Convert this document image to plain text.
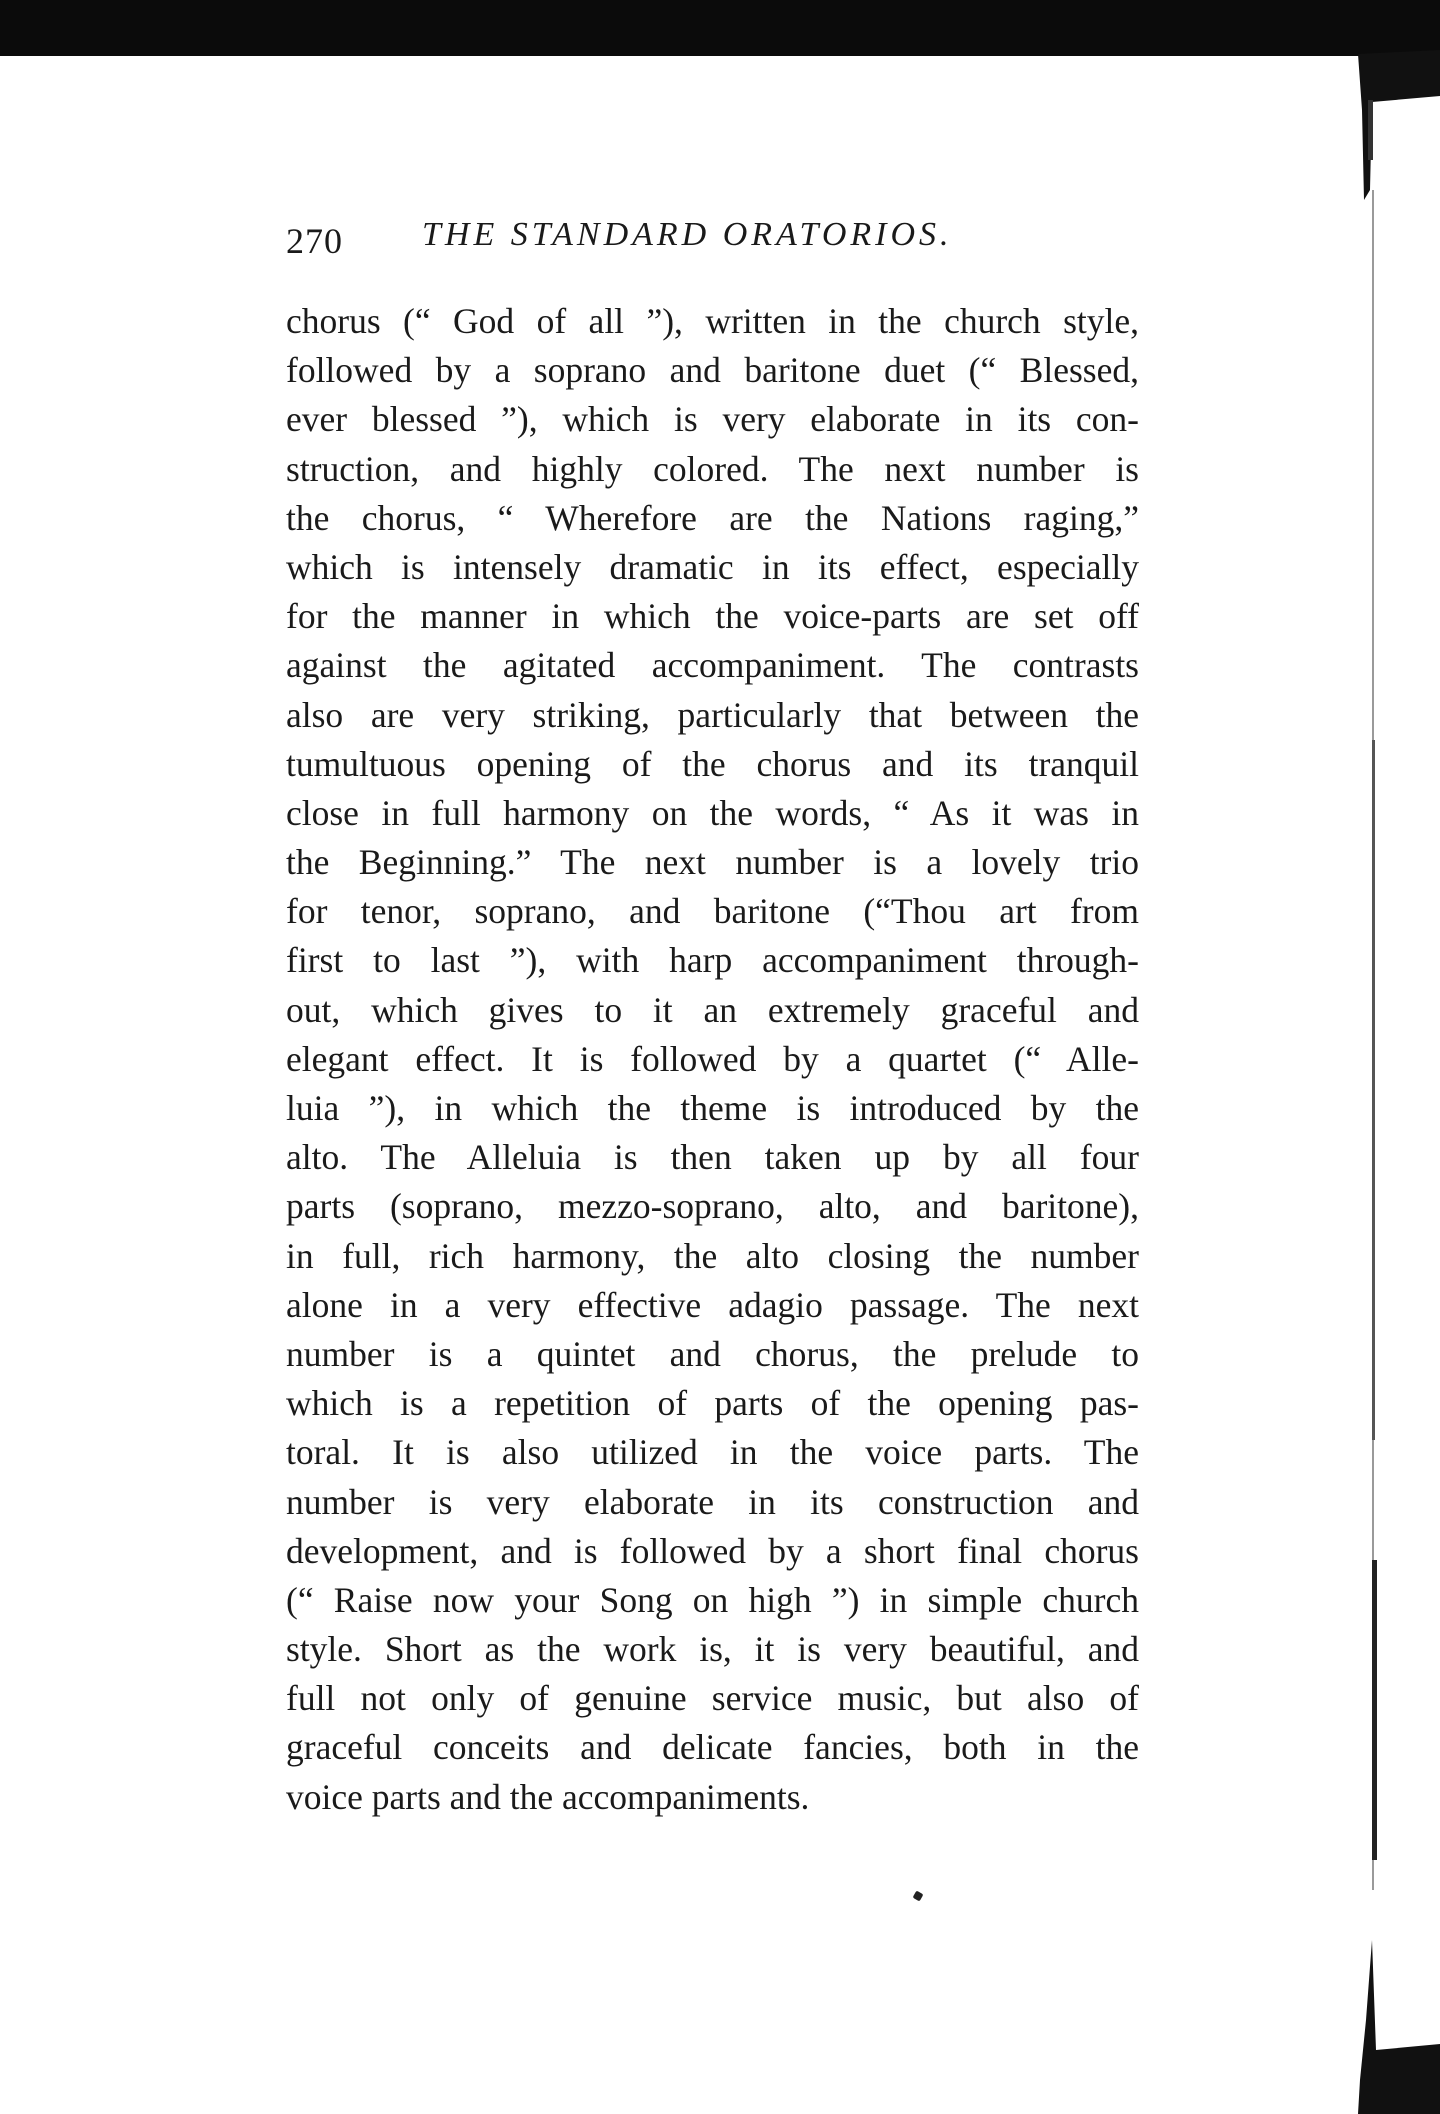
270 THE STANDARD ORATORIOS.
chorus (“ God of all ”), written in the church style,
followed by a soprano and baritone duet (“ Blessed,
ever blessed ”), which is very elaborate in its con-
struction, and highly colored. The next number is
the chorus, “ Wherefore are the Nations raging,”
which is intensely dramatic in its effect, especially
for the manner in which the voice-parts are set off
against the agitated accompaniment. The contrasts
also are very striking, particularly that between the
tumultuous opening of the chorus and its tranquil
close in full harmony on the words, “ As it was in
the Beginning.” The next number is a lovely trio
for tenor, soprano, and baritone (“Thou art from
first to last ”), with harp accompaniment through-
out, which gives to it an extremely graceful and
elegant effect. It is followed by a quartet (“ Alle-
luia ”), in which the theme is introduced by the
alto. The Alleluia is then taken up by all four
parts (soprano, mezzo-soprano, alto, and baritone),
in full, rich harmony, the alto closing the number
alone in a very effective adagio passage. The next
number is a quintet and chorus, the prelude to
which is a repetition of parts of the opening pas-
toral. It is also utilized in the voice parts. The
number is very elaborate in its construction and
development, and is followed by a short final chorus
(“ Raise now your Song on high ”) in simple church
style. Short as the work is, it is very beautiful, and
full not only of genuine service music, but also of
graceful conceits and delicate fancies, both in the
voice parts and the accompaniments.
